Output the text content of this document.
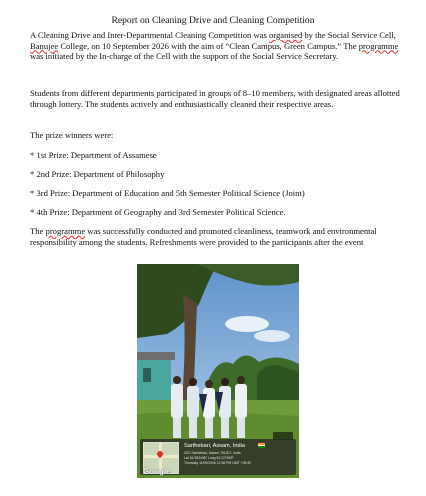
Report on Cleaning Drive and Cleaning Competition

A Cleaning Drive and Inter-Departmental Cleaning Competition was organised by the Social Service Cell, Banujee College, on 10 September 2026 with the aim of “Clean Campus, Green Campus.” The programme was initiated by the In-charge of the Cell with the support of the Social Service Secretary.

Students from different departments participated in groups of 8–10 members, with designated areas allotted through lottery. The students actively and enthusiastically cleaned their respective areas.

The prize winners were:

* 1st Prize: Department of Assamese

* 2nd Prize: Department of Philosophy

* 3rd Prize: Department of Education and 5th Semester Political Science (Joint)

* 4th Prize: Department of Geography and 3rd Semester Political Science.

The programme was successfully conducted and promoted cleanliness, teamwork and environmental responsibility among the students. Refreshments were provided to the participants after the event

Sarthebari, Assam, India
3G2 Sarthebari, Assam 781307, India
Lat 26.383438° Long 91.227609°
Thursday 11/09/2026 12:36 PM GMT +05:30
Google
